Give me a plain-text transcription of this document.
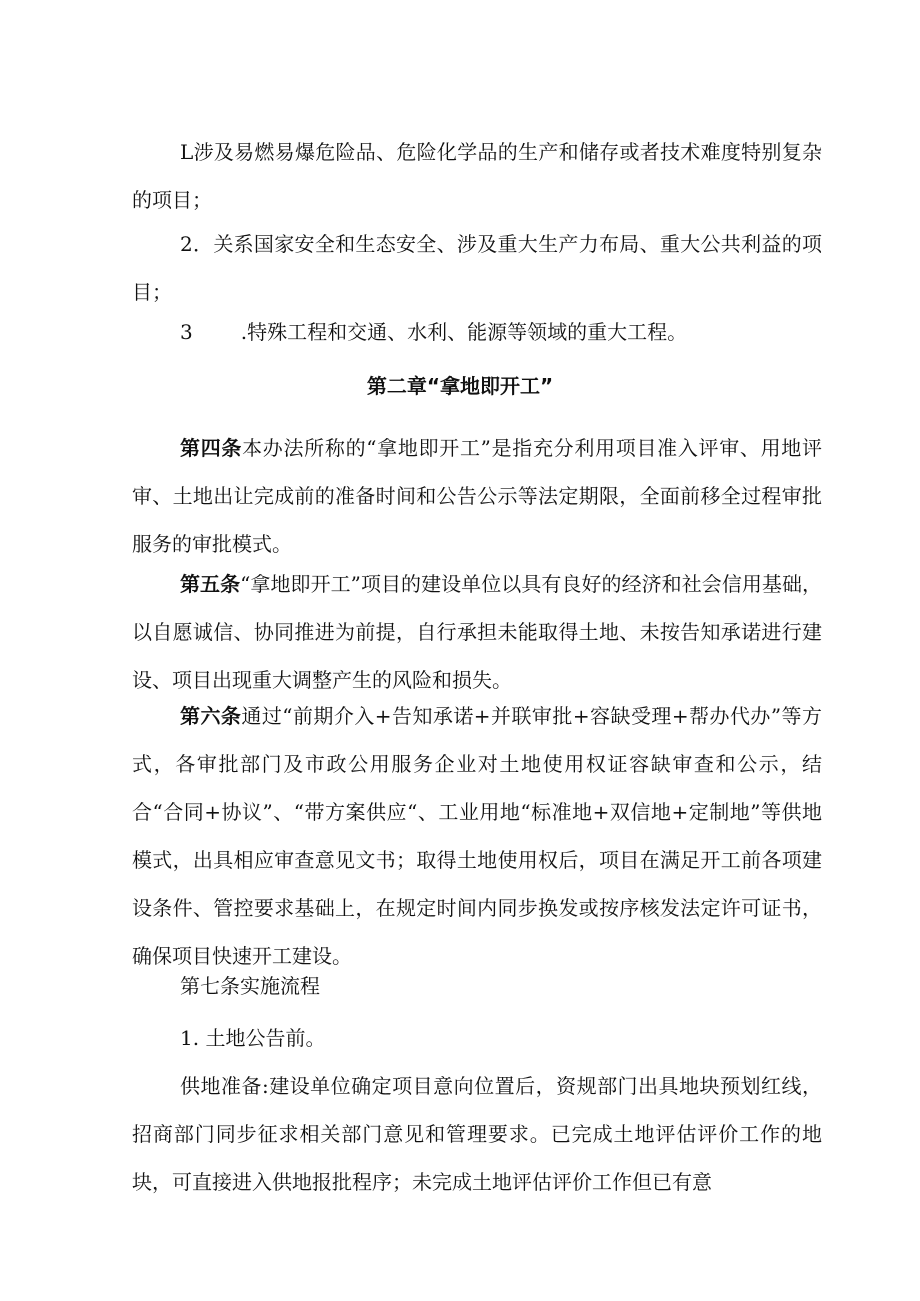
L涉及易燃易爆危险品、危险化学品的生产和储存或者技术难度特别复杂的项目；

2．关系国家安全和生态安全、涉及重大生产力布局、重大公共利益的项目；

3 .特殊工程和交通、水利、能源等领域的重大工程。

第二章“拿地即开工”

第四条本办法所称的“拿地即开工”是指充分利用项目准入评审、用地评审、土地出让完成前的准备时间和公告公示等法定期限，全面前移全过程审批服务的审批模式。

第五条“拿地即开工”项目的建设单位以具有良好的经济和社会信用基础，以自愿诚信、协同推进为前提，自行承担未能取得土地、未按告知承诺进行建设、项目出现重大调整产生的风险和损失。

第六条通过“前期介入+告知承诺+并联审批+容缺受理+帮办代办”等方式，各审批部门及市政公用服务企业对土地使用权证容缺审查和公示，结合“合同+协议”、“带方案供应“、工业用地“标准地+双信地+定制地”等供地模式，出具相应审查意见文书；取得土地使用权后，项目在满足开工前各项建设条件、管控要求基础上，在规定时间内同步换发或按序核发法定许可证书，确保项目快速开工建设。

第七条实施流程

1. 土地公告前。

供地准备:建设单位确定项目意向位置后，资规部门出具地块预划红线，招商部门同步征求相关部门意见和管理要求。已完成土地评估评价工作的地块，可直接进入供地报批程序；未完成土地评估评价工作但已有意
